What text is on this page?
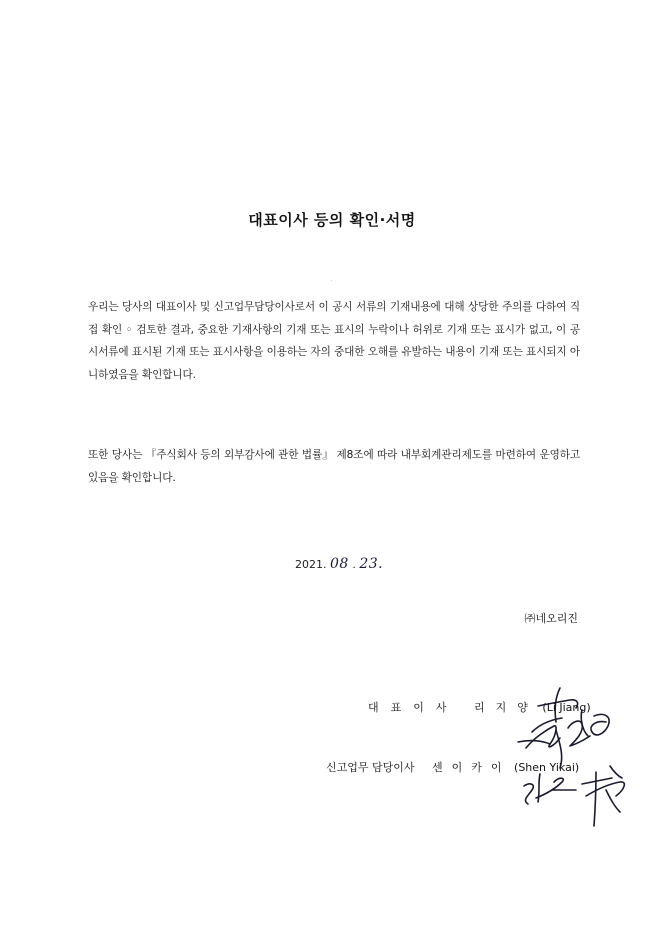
대표이사 등의 확인·서명
우리는 당사의 대표이사 및 신고업무담당이사로서 이 공시 서류의 기재내용에 대해 상당한 주의를 다하여 직접 확인 ◦ 검토한 결과, 중요한 기재사항의 기재 또는 표시의 누락이나 허위로 기재 또는 표시가 없고, 이 공시서류에 표시된 기재 또는 표시사항을 이용하는 자의 중대한 오해를 유발하는 내용이 기재 또는 표시되지 아니하였음을 확인합니다.
또한 당사는 『주식회사 등의 외부감사에 관한 법률』 제8조에 따라 내부회계관리제도를 마련하여 운영하고 있음을 확인합니다.
2021. 08 . 23.
㈜네오리진
대표이사 리지양 (Li Jiang)
신고업무 담당이사 센이카이 (Shen Yikai)
